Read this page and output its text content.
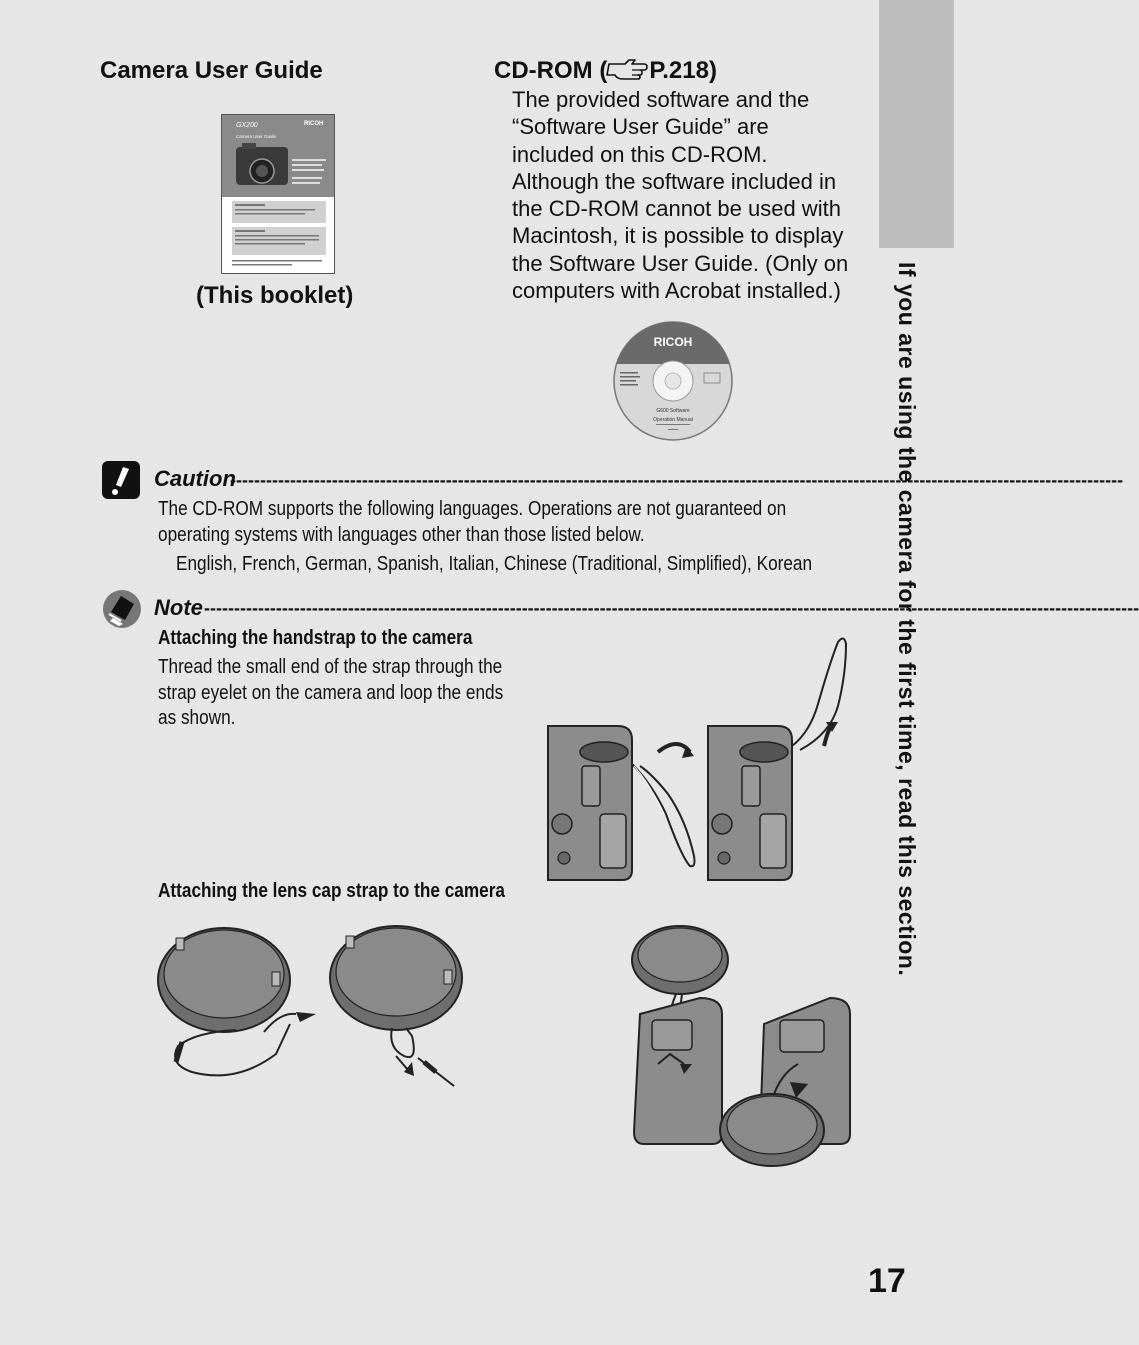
If you are using the camera for the first time, read this section.
Camera User Guide
GX200	RICOH
Camera User Guide
(This booklet)
CD-ROM ( P.218)
The provided software and the
“Software User Guide” are
included on this CD-ROM.
Although the software included in
the CD-ROM cannot be used with
Macintosh, it is possible to display
the Software User Guide. (Only on
computers with Acrobat installed.)
RICOH
G600 Software
Operation Manual
Caution
-----------------------------------------------------------------------------------------------------------------------------------------------------
The CD-ROM supports the following languages. Operations are not guaranteed on
operating systems with languages other than those listed below.
English, French, German, Spanish, Italian, Chinese (Traditional, Simplified), Korean
Note ------------------------------------------------------------------------------------------------------------------------------------------------------------
Attaching the handstrap to the camera
Thread the small end of the strap through the
strap eyelet on the camera and loop the ends
as shown.
Attaching the lens cap strap to the camera
17
